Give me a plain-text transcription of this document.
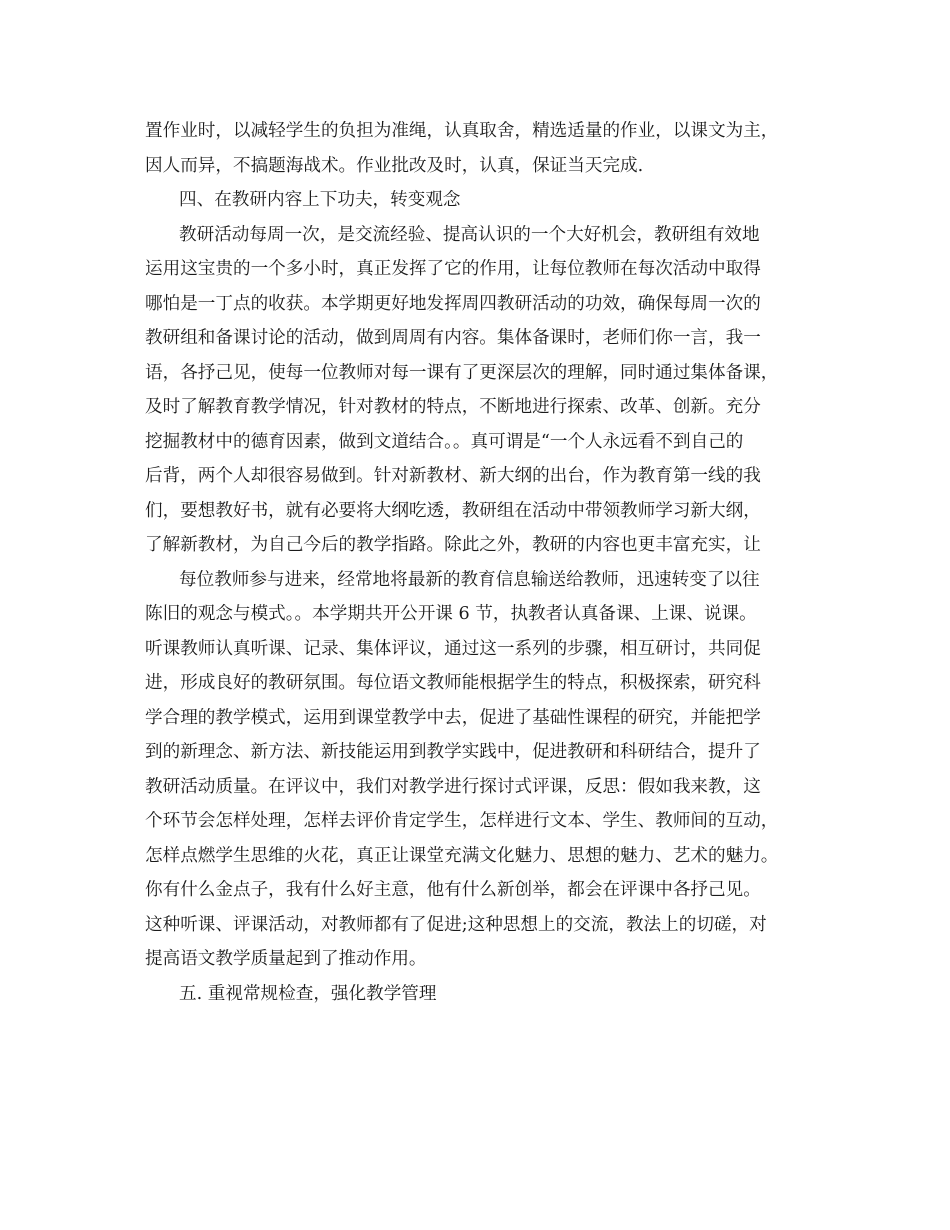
置作业时，以减轻学生的负担为准绳，认真取舍，精选适量的作业，以课文为主，
因人而异，不搞题海战术。作业批改及时，认真，保证当天完成.
四、在教研内容上下功夫，转变观念
教研活动每周一次，是交流经验、提高认识的一个大好机会，教研组有效地
运用这宝贵的一个多小时，真正发挥了它的作用，让每位教师在每次活动中取得
哪怕是一丁点的收获。本学期更好地发挥周四教研活动的功效，确保每周一次的
教研组和备课讨论的活动，做到周周有内容。集体备课时，老师们你一言，我一
语，各抒己见，使每一位教师对每一课有了更深层次的理解，同时通过集体备课，
及时了解教育教学情况，针对教材的特点，不断地进行探索、改革、创新。充分
挖掘教材中的德育因素，做到文道结合。。真可谓是“一个人永远看不到自己的
后背，两个人却很容易做到。针对新教材、新大纲的出台，作为教育第一线的我
们，要想教好书，就有必要将大纲吃透，教研组在活动中带领教师学习新大纲，
了解新教材，为自己今后的教学指路。除此之外，教研的内容也更丰富充实，让
每位教师参与进来，经常地将最新的教育信息输送给教师，迅速转变了以往
陈旧的观念与模式。。本学期共开公开课 6 节，执教者认真备课、上课、说课。
听课教师认真听课、记录、集体评议，通过这一系列的步骤，相互研讨，共同促
进，形成良好的教研氛围。每位语文教师能根据学生的特点，积极探索，研究科
学合理的教学模式，运用到课堂教学中去，促进了基础性课程的研究，并能把学
到的新理念、新方法、新技能运用到教学实践中，促进教研和科研结合，提升了
教研活动质量。在评议中，我们对教学进行探讨式评课，反思：假如我来教，这
个环节会怎样处理，怎样去评价肯定学生，怎样进行文本、学生、教师间的互动，
怎样点燃学生思维的火花，真正让课堂充满文化魅力、思想的魅力、艺术的魅力。
你有什么金点子，我有什么好主意，他有什么新创举，都会在评课中各抒己见。
这种听课、评课活动，对教师都有了促进;这种思想上的交流，教法上的切磋，对
提高语文教学质量起到了推动作用。
五. 重视常规检查，强化教学管理
